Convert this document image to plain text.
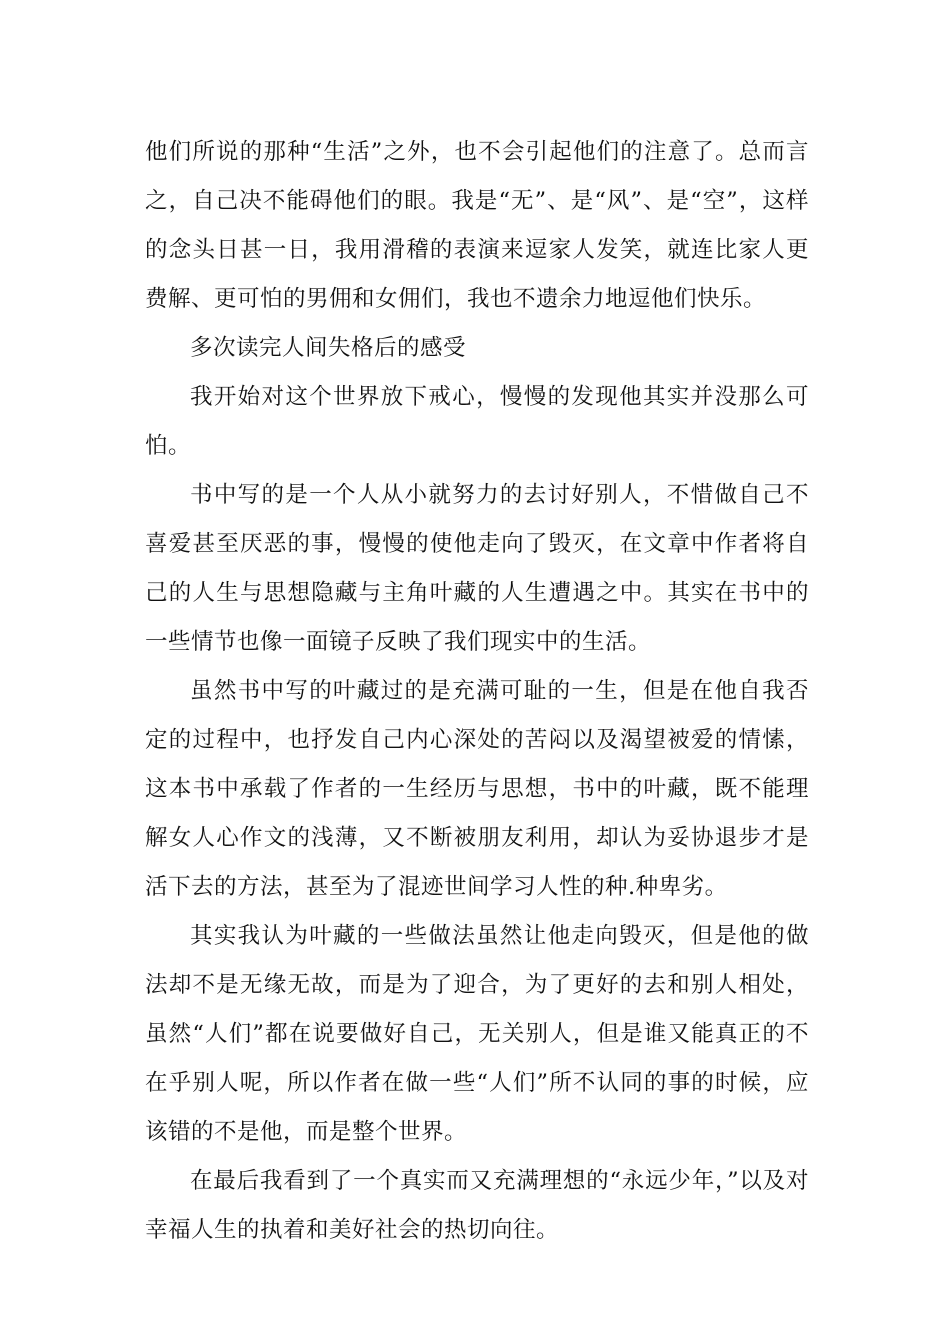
他们所说的那种“生活”之外，也不会引起他们的注意了。总而言之，自己决不能碍他们的眼。我是“无”、是“风”、是“空”，这样的念头日甚一日，我用滑稽的表演来逗家人发笑，就连比家人更费解、更可怕的男佣和女佣们，我也不遗余力地逗他们快乐。

多次读完人间失格后的感受

我开始对这个世界放下戒心，慢慢的发现他其实并没那么可怕。

书中写的是一个人从小就努力的去讨好别人，不惜做自己不喜爱甚至厌恶的事，慢慢的使他走向了毁灭，在文章中作者将自己的人生与思想隐藏与主角叶藏的人生遭遇之中。其实在书中的一些情节也像一面镜子反映了我们现实中的生活。

虽然书中写的叶藏过的是充满可耻的一生，但是在他自我否定的过程中，也抒发自己内心深处的苦闷以及渴望被爱的情愫，这本书中承载了作者的一生经历与思想，书中的叶藏，既不能理解女人心作文的浅薄，又不断被朋友利用，却认为妥协退步才是活下去的方法，甚至为了混迹世间学习人性的种.种卑劣。

其实我认为叶藏的一些做法虽然让他走向毁灭，但是他的做法却不是无缘无故，而是为了迎合，为了更好的去和别人相处，虽然“人们”都在说要做好自己，无关别人，但是谁又能真正的不在乎别人呢，所以作者在做一些“人们”所不认同的事的时候，应该错的不是他，而是整个世界。

在最后我看到了一个真实而又充满理想的“永远少年，”以及对幸福人生的执着和美好社会的热切向往。
